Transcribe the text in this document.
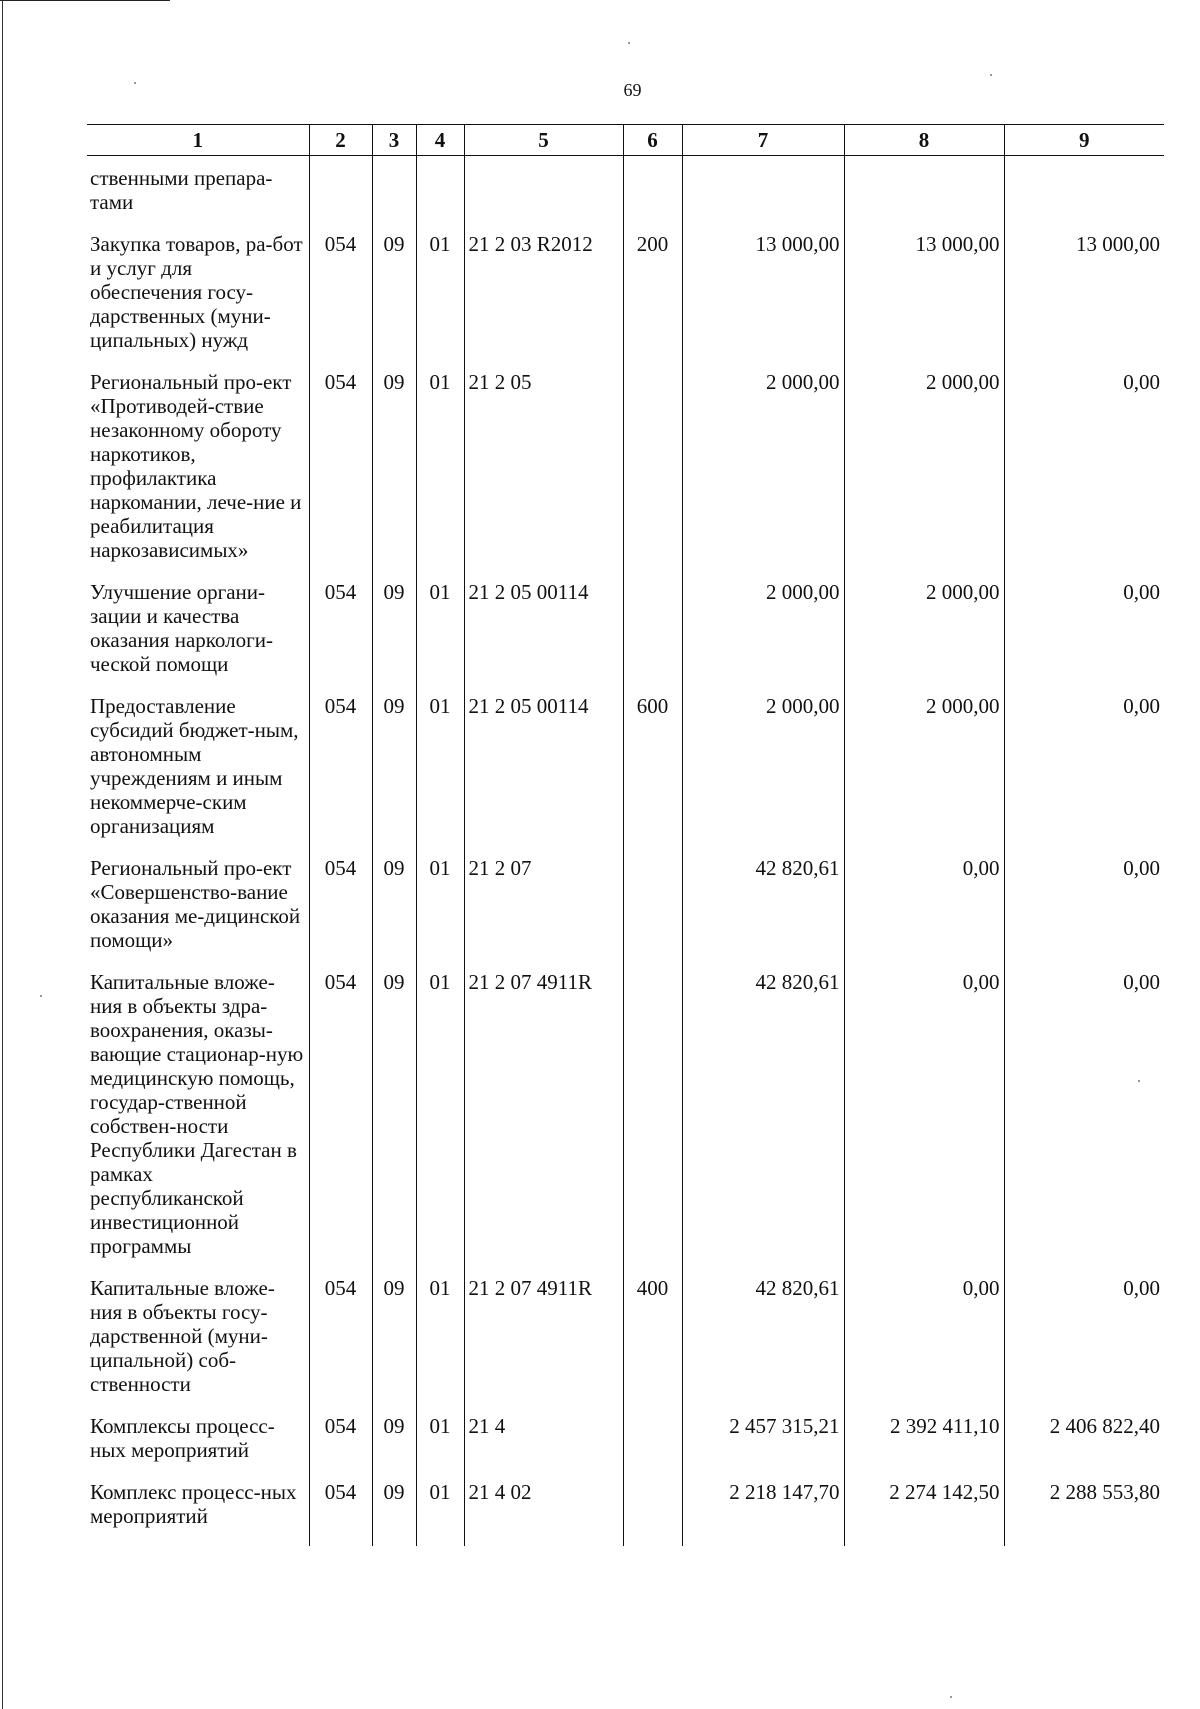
69
1	2	3	4	5	6	7	8	9
ственными препара-тами								
Закупка товаров, ра-бот и услуг для обеспечения госу-дарственных (муни-ципальных) нужд	054	09	01	21 2 03 R2012	200	13 000,00	13 000,00	13 000,00
Региональный про-ект «Противодей-ствие незаконному обороту наркотиков, профилактика наркомании, лече-ние и реабилитация наркозависимых»	054	09	01	21 2 05		2 000,00	2 000,00	0,00
Улучшение органи-зации и качества оказания наркологи-ческой помощи	054	09	01	21 2 05 00114		2 000,00	2 000,00	0,00
Предоставление субсидий бюджет-ным, автономным учреждениям и иным некоммерче-ским организациям	054	09	01	21 2 05 00114	600	2 000,00	2 000,00	0,00
Региональный про-ект «Совершенство-вание оказания ме-дицинской помощи»	054	09	01	21 2 07		42 820,61	0,00	0,00
Капитальные вложе-ния в объекты здра-воохранения, оказы-вающие стационар-ную медицинскую помощь, государ-ственной собствен-ности Республики Дагестан в рамках республиканской инвестиционной программы	054	09	01	21 2 07 4911R		42 820,61	0,00	0,00
Капитальные вложе-ния в объекты госу-дарственной (муни-ципальной) соб-ственности	054	09	01	21 2 07 4911R	400	42 820,61	0,00	0,00
Комплексы процесс-ных мероприятий	054	09	01	21 4		2 457 315,21	2 392 411,10	2 406 822,40
Комплекс процесс-ных мероприятий	054	09	01	21 4 02		2 218 147,70	2 274 142,50	2 288 553,80
